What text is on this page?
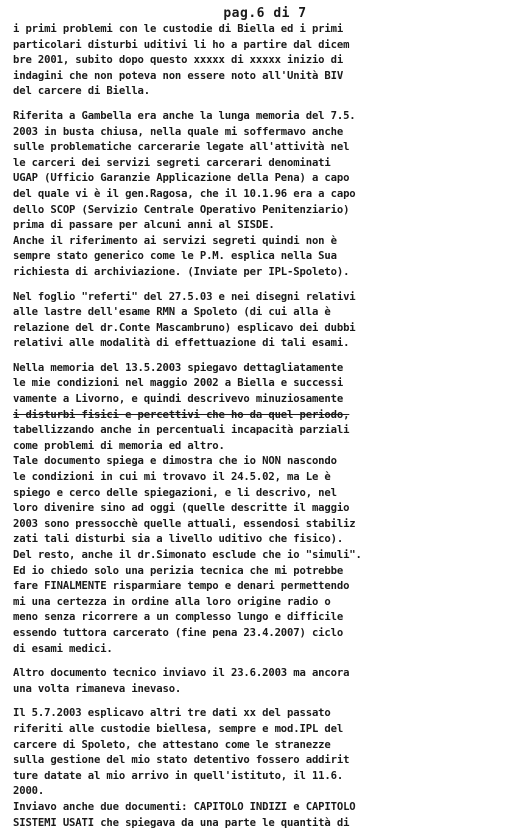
pag.6 di 7
i primi problemi con le custodie di Biella ed i primi
particolari disturbi uditivi li ho a partire dal dicem
bre 2001, subito dopo questo xxxxx di xxxxx inizio di
indagini che non poteva non essere noto all'Unità BIV
del carcere di Biella.
Riferita a Gambella era anche la lunga memoria del 7.5.
2003 in busta chiusa, nella quale mi soffermavo anche
sulle problematiche carcerarie legate all'attività nel
le carceri dei servizi segreti carcerari denominati
UGAP (Ufficio Garanzie Applicazione della Pena) a capo
del quale vi è il gen.Ragosa, che il 10.1.96 era a capo
dello SCOP (Servizio Centrale Operativo Penitenziario)
prima di passare per alcuni anni al SISDE.
Anche il riferimento ai servizi segreti quindi non è
sempre stato generico come le P.M. esplica nella Sua
richiesta di archiviazione. (Inviate per IPL-Spoleto).
Nel foglio "referti" del 27.5.03 e nei disegni relativi
alle lastre dell'esame RMN a Spoleto (di cui alla è
relazione del dr.Conte Mascambruno) esplicavo dei dubbi
relativi alle modalità di effettuazione di tali esami.
Nella memoria del 13.5.2003 spiegavo dettagliatamente
le mie condizioni nel maggio 2002 a Biella e successi
vamente a Livorno, e quindi descrivevo minuziosamente
i disturbi fisici e percettivi che ho da quel periodo,
tabellizzando anche in percentuali incapacità parziali
come problemi di memoria ed altro.
Tale documento spiega e dimostra che io NON nascondo
le condizioni in cui mi trovavo il 24.5.02, ma Le è
spiego e cerco delle spiegazioni, e li descrivo, nel
loro divenire sino ad oggi (quelle descritte il maggio
2003 sono pressocchè quelle attuali, essendosi stabiliz
zati tali disturbi sia a livello uditivo che fisico).
Del resto, anche il dr.Simonato esclude che io "simuli".
Ed io chiedo solo una perizia tecnica che mi potrebbe
fare FINALMENTE risparmiare tempo e denari permettendo
mi una certezza in ordine alla loro origine radio o
meno senza ricorrere a un complesso lungo e difficile
essendo tuttora carcerato (fine pena 23.4.2007) ciclo
di esami medici.
Altro documento tecnico inviavo il 23.6.2003 ma ancora
una volta rimaneva inevaso.
Il 5.7.2003 esplicavo altri tre dati xx del passato
riferiti alle custodie biellesa, sempre e mod.IPL del
carcere di Spoleto, che attestano come le stranezze
sulla gestione del mio stato detentivo fossero addirit
ture datate al mio arrivo in quell'istituto, il 11.6.
2000.
Inviavo anche due documenti: CAPITOLO INDIZI e CAPITOLO
SISTEMI USATI che spiegava da una parte le quantità di
